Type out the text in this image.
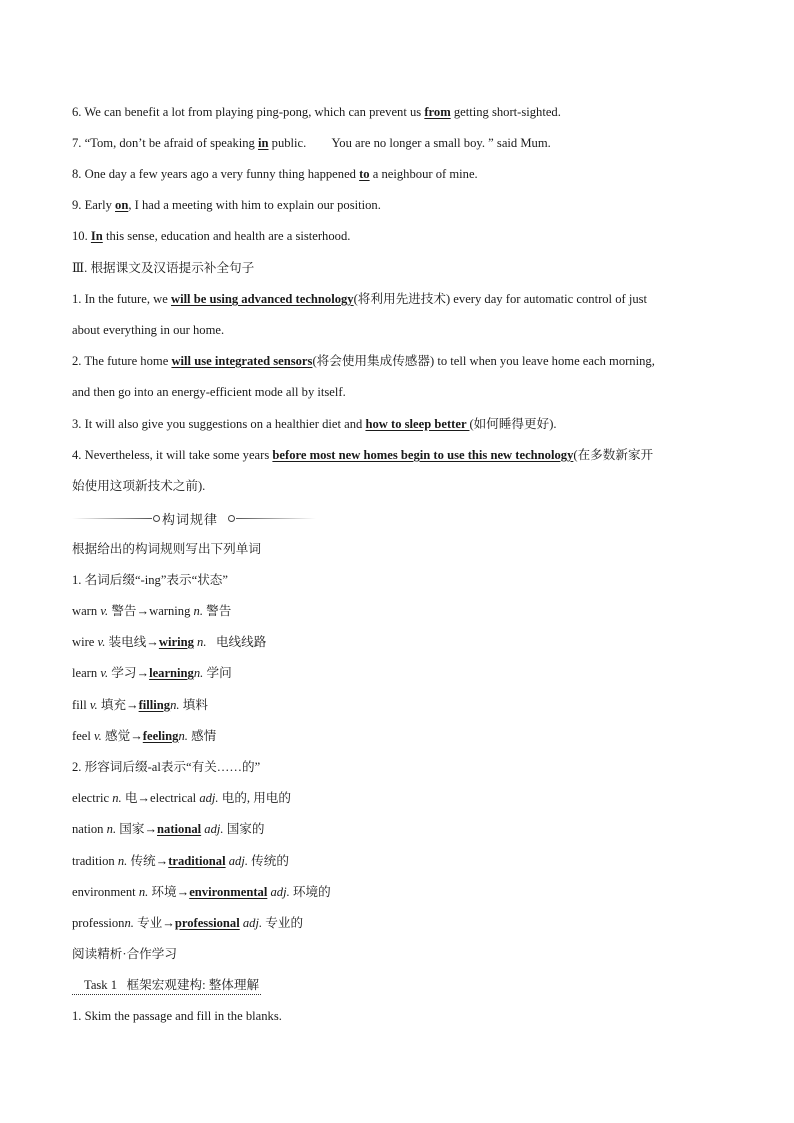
6. We can benefit a lot from playing ping-pong, which can prevent us from getting short-sighted.
7. “Tom, don’t be afraid of speaking in public.  You are no longer a small boy. ” said Mum.
8. One day a few years ago a very funny thing happened to a neighbour of mine.
9. Early on, I had a meeting with him to explain our position.
10. In this sense, education and health are a sisterhood.
Ⅲ. 根据课文及汉语提示补全句子
1. In the future, we will be using advanced technology(将利用先进技术) every day for automatic control of just
about everything in our home.
2. The future home will use integrated sensors(将会使用集成传感器) to tell when you leave home each morning,
and then go into an energy-efficient mode all by itself.
3. It will also give you suggestions on a healthier diet and how to sleep better (如何睡得更好).
4. Nevertheless, it will take some years before most new homes begin to use this new technology(在多数新家开
始使用这项新技术之前).
构词规律
根据给出的构词规则写出下列单词
1. 名词后缀“-ing”表示“状态”
warn v. 警告→warning n. 警告
wire v. 装电线→wiring n. 电线线路
learn v. 学习→learningn. 学问
fill v. 填充→fillingn. 填料
feel v. 感觉→feelingn. 感情
2. 形容词后缀-al表示“有关……的”
electric n. 电→electrical adj. 电的, 用电的
nation n. 国家→national adj. 国家的
tradition n. 传统→traditional adj. 传统的
environment n. 环境→environmental adj. 环境的
professionn. 专业→professional adj. 专业的
阅读精析·合作学习
Task 1 框架宏观建构: 整体理解
1. Skim the passage and fill in the blanks.
